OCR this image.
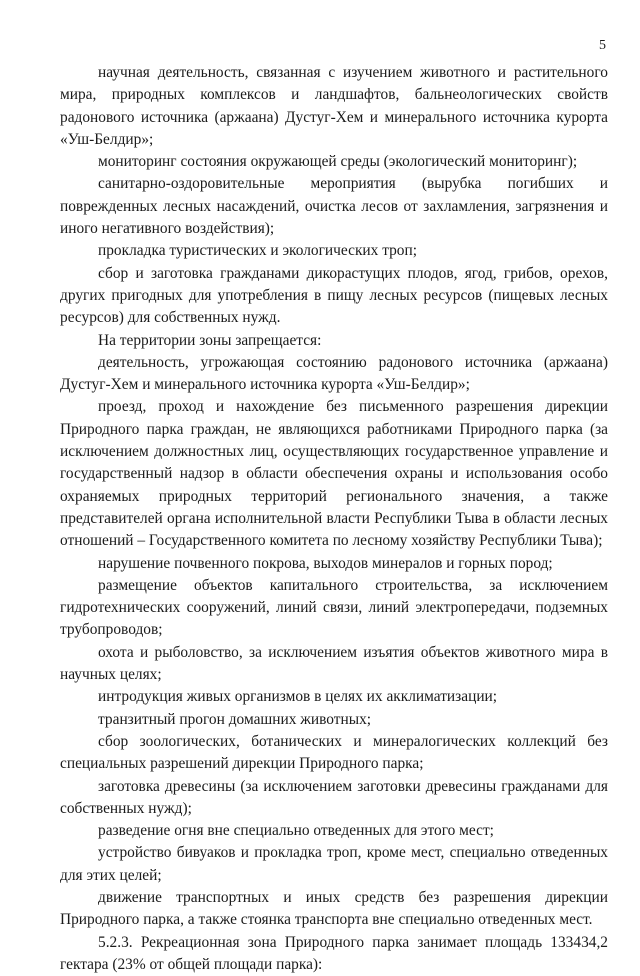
5

научная деятельность, связанная с изучением животного и растительного мира, природных комплексов и ландшафтов, бальнеологических свойств радонового источника (аржаана) Дустуг-Хем и минерального источника курорта «Уш-Белдир»;

мониторинг состояния окружающей среды (экологический мониторинг);

санитарно-оздоровительные мероприятия (вырубка погибших и поврежденных лесных насаждений, очистка лесов от захламления, загрязнения и иного негативного воздействия);

прокладка туристических и экологических троп;

сбор и заготовка гражданами дикорастущих плодов, ягод, грибов, орехов, других пригодных для употребления в пищу лесных ресурсов (пищевых лесных ресурсов) для собственных нужд.

На территории зоны запрещается:

деятельность, угрожающая состоянию радонового источника (аржаана) Дустуг-Хем и минерального источника курорта «Уш-Белдир»;

проезд, проход и нахождение без письменного разрешения дирекции Природного парка граждан, не являющихся работниками Природного парка (за исключением должностных лиц, осуществляющих государственное управление и государственный надзор в области обеспечения охраны и использования особо охраняемых природных территорий регионального значения, а также представителей органа исполнительной власти Республики Тыва в области лесных отношений – Государственного комитета по лесному хозяйству Республики Тыва);

нарушение почвенного покрова, выходов минералов и горных пород;

размещение объектов капитального строительства, за исключением гидротехнических сооружений, линий связи, линий электропередачи, подземных трубопроводов;

охота и рыболовство, за исключением изъятия объектов животного мира в научных целях;

интродукция живых организмов в целях их акклиматизации;

транзитный прогон домашних животных;

сбор зоологических, ботанических и минералогических коллекций без специальных разрешений дирекции Природного парка;

заготовка древесины (за исключением заготовки древесины гражданами для собственных нужд);

разведение огня вне специально отведенных для этого мест;

устройство бивуаков и прокладка троп, кроме мест, специально отведенных для этих целей;

движение транспортных и иных средств без разрешения дирекции Природного парка, а также стоянка транспорта вне специально отведенных мест.

5.2.3. Рекреационная зона Природного парка занимает площадь 133434,2 гектара (23% от общей площади парка):
